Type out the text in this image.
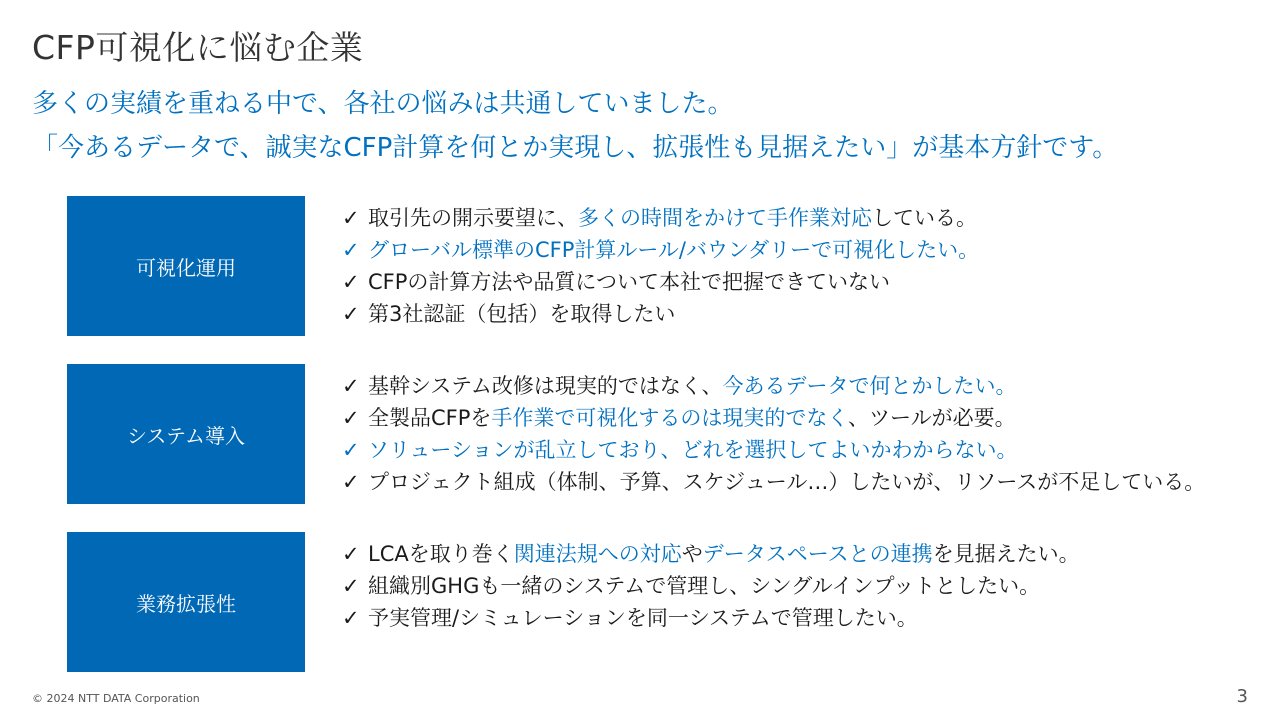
CFP可視化に悩む企業
多くの実績を重ねる中で、各社の悩みは共通していました。
「今あるデータで、誠実なCFP計算を何とか実現し、拡張性も見据えたい」が基本方針です。
可視化運用
✓ 取引先の開示要望に、多くの時間をかけて手作業対応している。
✓ グローバル標準のCFP計算ルール/バウンダリーで可視化したい。
✓ CFPの計算方法や品質について本社で把握できていない
✓ 第3社認証（包括）を取得したい
システム導入
✓ 基幹システム改修は現実的ではなく、今あるデータで何とかしたい。
✓ 全製品CFPを手作業で可視化するのは現実的でなく、ツールが必要。
✓ ソリューションが乱立しており、どれを選択してよいかわからない。
✓ プロジェクト組成（体制、予算、スケジュール…）したいが、リソースが不足している。
業務拡張性
✓ LCAを取り巻く関連法規への対応やデータスペースとの連携を見据えたい。
✓ 組織別GHGも一緒のシステムで管理し、シングルインプットとしたい。
✓ 予実管理/シミュレーションを同一システムで管理したい。
© 2024 NTT DATA Corporation	3
